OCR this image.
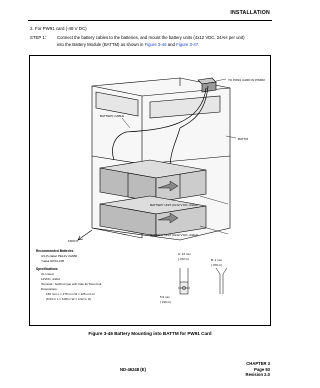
INSTALLATION
2. For PW91 card (-48 V DC)
STEP 1:	Connect the battery cables to the batteries, and mount the battery units (4x12 VDC, 24AH per unit)
into the Battery Module (BATTM) as shown in Figure 3-46 and Figure 3-47.
TO PW91 CARD IN PWRM
BATTERY CABLE
BATTM
BATTERY UNIT (2x12 V DC, 24AH)
BATTERY UNIT (2x12 V DC, 24AH)
FRONT
Recommended Batteries
GS Portalac PE12V 24AB0
Yuasa NP24-12B
Specifications
UL Listed
12VDC, 24AH
Terminal : bolt/nut type with hole for 5mm bolt
Dimensions:
166 mm L × 175 mm W × 125 mm H
(6.54 in L × 6.89 in W × 4.92 in H)
A: 12 mm
(.472 in)	B: 2 mm
(.079 in)
5.5 mm
(.216 in)
Figure 3-46 Battery Mounting into BATTM for PW91 Card
ND-46248 (E)
CHAPTER 3
Page 93
Revision 2.0
